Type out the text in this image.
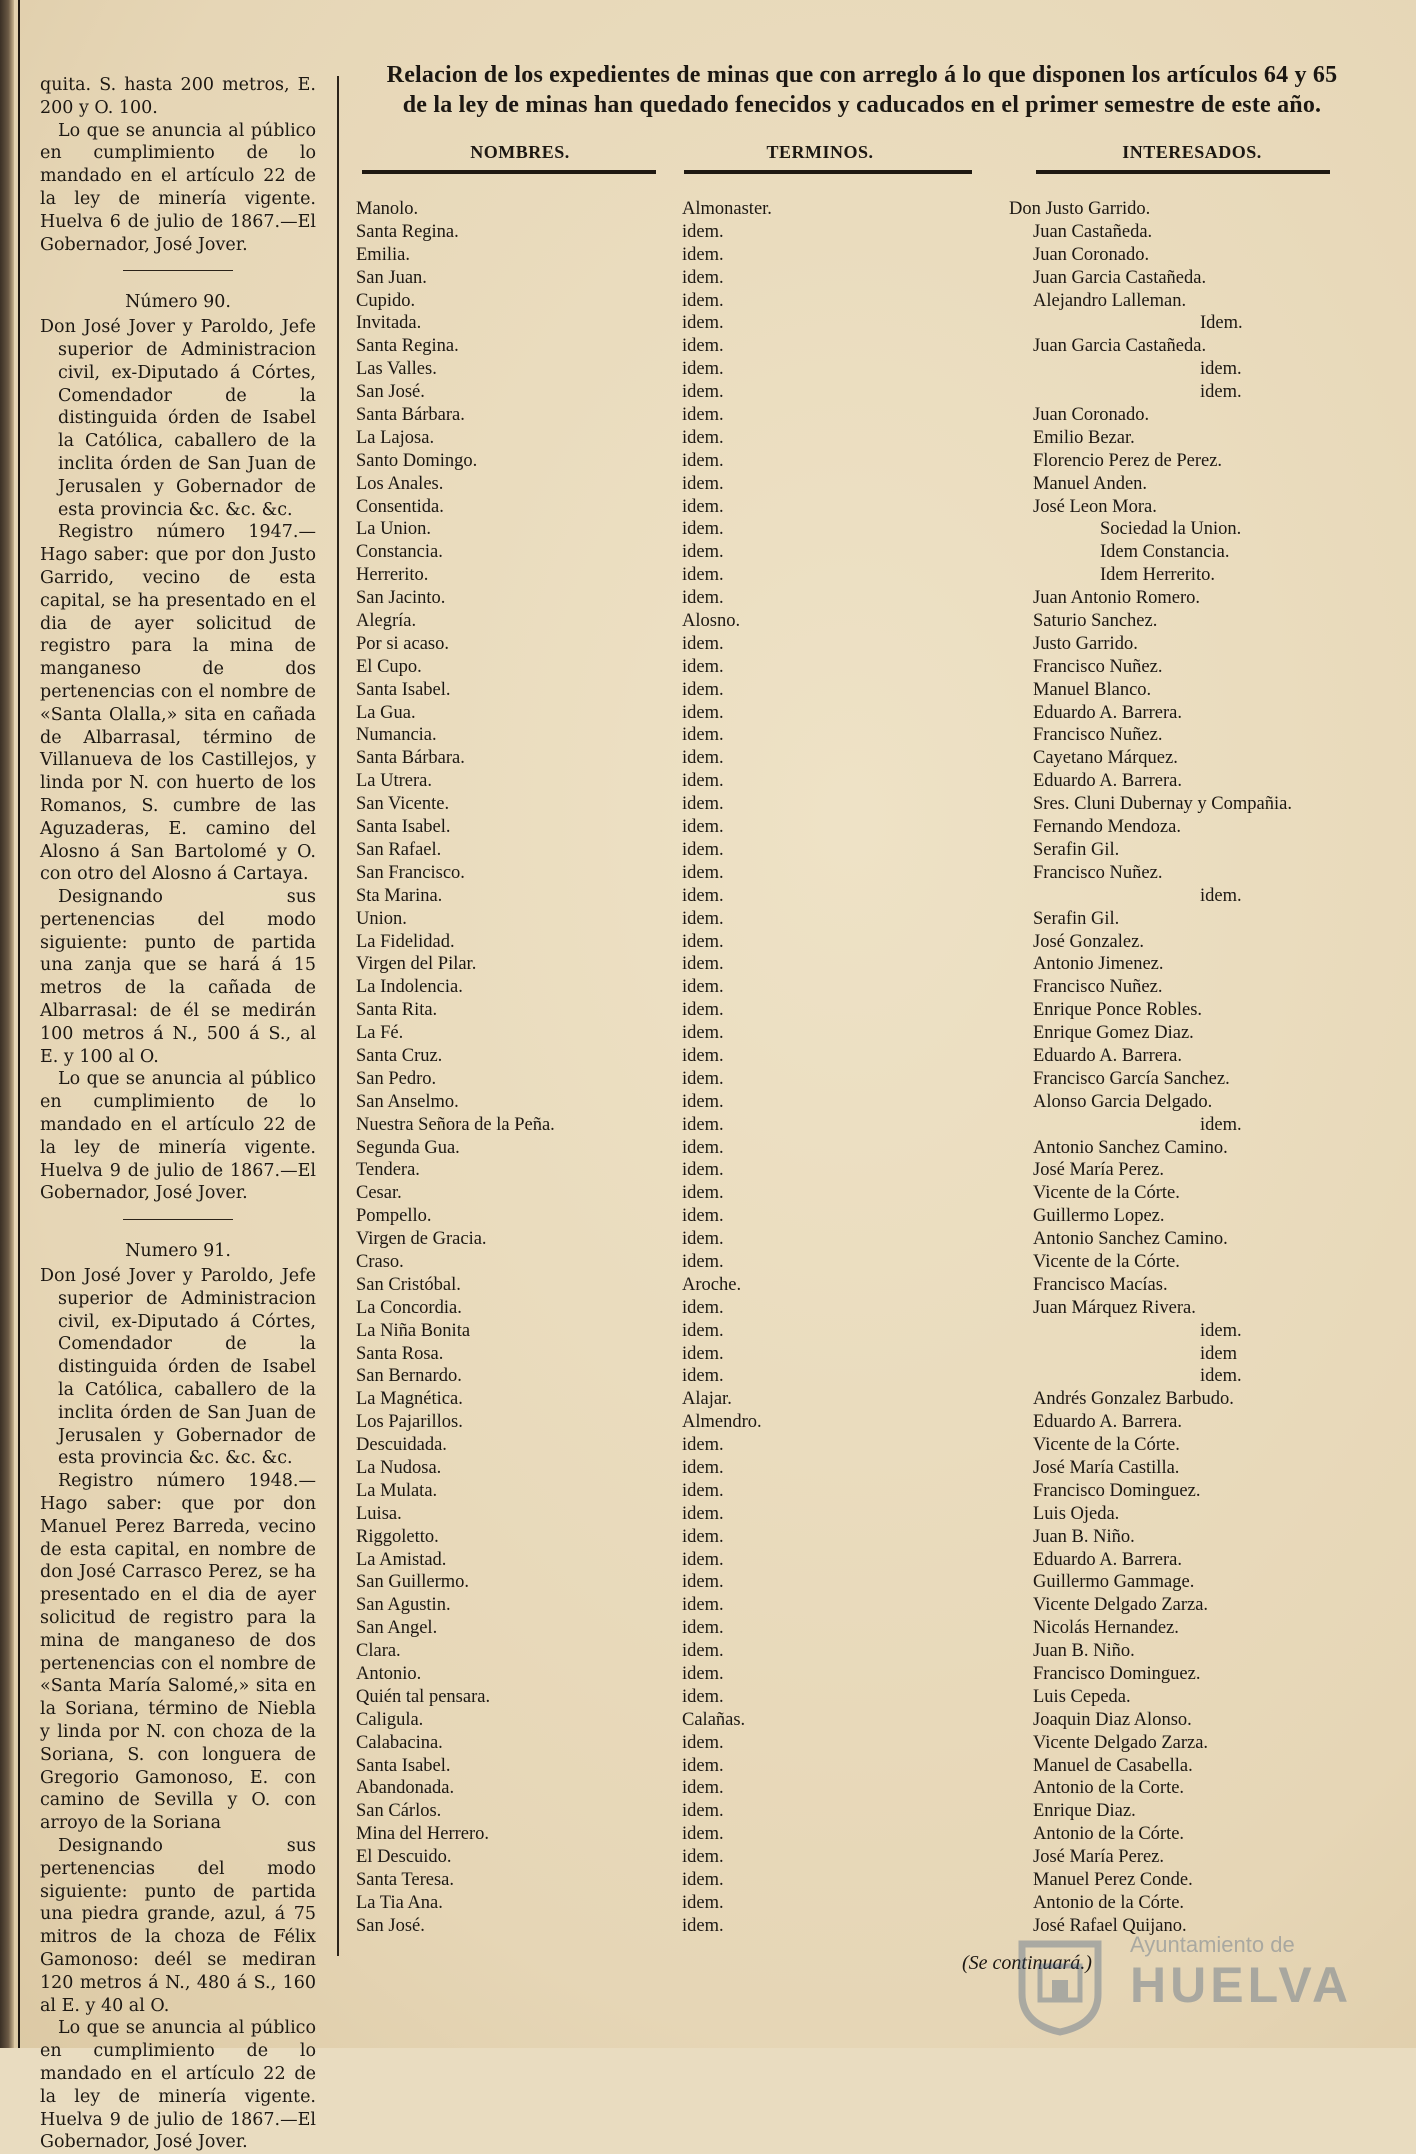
quita. S. hasta 200 metros, E. 200 y O. 100.

Lo que se anuncia al público en cumplimiento de lo mandado en el artículo 22 de la ley de minería vigente. Huelva 6 de julio de 1867.—El Gobernador, José Jover.

Número 90.

Don José Jover y Paroldo, Jefe superior de Administracion civil, ex-Diputado á Córtes, Comendador de la distinguida órden de Isabel la Católica, caballero de la inclita órden de San Juan de Jerusalen y Gobernador de esta provincia &c. &c. &c.

Registro número 1947.—Hago saber: que por don Justo Garrido, vecino de esta capital, se ha presentado en el dia de ayer solicitud de registro para la mina de manganeso de dos pertenencias con el nombre de «Santa Olalla,» sita en cañada de Albarrasal, término de Villanueva de los Castillejos, y linda por N. con huerto de los Romanos, S. cumbre de las Aguzaderas, E. camino del Alosno á San Bartolomé y O. con otro del Alosno á Cartaya.

Designando sus pertenencias del modo siguiente: punto de partida una zanja que se hará á 15 metros de la cañada de Albarrasal: de él se medirán 100 metros á N., 500 á S., al E. y 100 al O.

Lo que se anuncia al público en cumplimiento de lo mandado en el artículo 22 de la ley de minería vigente. Huelva 9 de julio de 1867.—El Gobernador, José Jover.

Numero 91.

Don José Jover y Paroldo, Jefe superior de Administracion civil, ex-Diputado á Córtes, Comendador de la distinguida órden de Isabel la Católica, caballero de la inclita órden de San Juan de Jerusalen y Gobernador de esta provincia &c. &c. &c.

Registro número 1948.—Hago saber: que por don Manuel Perez Barreda, vecino de esta capital, en nombre de don José Carrasco Perez, se ha presentado en el dia de ayer solicitud de registro para la mina de manganeso de dos pertenencias con el nombre de «Santa María Salomé,» sita en la Soriana, término de Niebla y linda por N. con choza de la Soriana, S. con longuera de Gregorio Gamonoso, E. con camino de Sevilla y O. con arroyo de la Soriana

Designando sus pertenencias del modo siguiente: punto de partida una piedra grande, azul, á 75 mitros de la choza de Félix Gamonoso: deél se mediran 120 metros á N., 480 á S., 160 al E. y 40 al O.

Lo que se anuncia al público en cumplimiento de lo mandado en el artículo 22 de la ley de minería vigente. Huelva 9 de julio de 1867.—El Gobernador, José Jover.

Relacion de los expedientes de minas que con arreglo á lo que disponen los artículos 64 y 65
de la ley de minas han quedado fenecidos y caducados en el primer semestre de este año.
NOMBRES.	TERMINOS.	INTERESADOS.
Manolo.	Almonaster.	Don Justo Garrido.
Santa Regina.	idem.	Juan Castañeda.
Emilia.	idem.	Juan Coronado.
San Juan.	idem.	Juan Garcia Castañeda.
Cupido.	idem.	Alejandro Lalleman.
Invitada.	idem.	Idem.
Santa Regina.	idem.	Juan Garcia Castañeda.
Las Valles.	idem.	idem.
San José.	idem.	idem.
Santa Bárbara.	idem.	Juan Coronado.
La Lajosa.	idem.	Emilio Bezar.
Santo Domingo.	idem.	Florencio Perez de Perez.
Los Anales.	idem.	Manuel Anden.
Consentida.	idem.	José Leon Mora.
La Union.	idem.	Sociedad la Union.
Constancia.	idem.	Idem Constancia.
Herrerito.	idem.	Idem Herrerito.
San Jacinto.	idem.	Juan Antonio Romero.
Alegría.	Alosno.	Saturio Sanchez.
Por si acaso.	idem.	Justo Garrido.
El Cupo.	idem.	Francisco Nuñez.
Santa Isabel.	idem.	Manuel Blanco.
La Gua.	idem.	Eduardo A. Barrera.
Numancia.	idem.	Francisco Nuñez.
Santa Bárbara.	idem.	Cayetano Márquez.
La Utrera.	idem.	Eduardo A. Barrera.
San Vicente.	idem.	Sres. Cluni Dubernay y Compañia.
Santa Isabel.	idem.	Fernando Mendoza.
San Rafael.	idem.	Serafin Gil.
San Francisco.	idem.	Francisco Nuñez.
Sta Marina.	idem.	idem.
Union.	idem.	Serafin Gil.
La Fidelidad.	idem.	José Gonzalez.
Virgen del Pilar.	idem.	Antonio Jimenez.
La Indolencia.	idem.	Francisco Nuñez.
Santa Rita.	idem.	Enrique Ponce Robles.
La Fé.	idem.	Enrique Gomez Diaz.
Santa Cruz.	idem.	Eduardo A. Barrera.
San Pedro.	idem.	Francisco García Sanchez.
San Anselmo.	idem.	Alonso Garcia Delgado.
Nuestra Señora de la Peña.	idem.	idem.
Segunda Gua.	idem.	Antonio Sanchez Camino.
Tendera.	idem.	José María Perez.
Cesar.	idem.	Vicente de la Córte.
Pompello.	idem.	Guillermo Lopez.
Virgen de Gracia.	idem.	Antonio Sanchez Camino.
Craso.	idem.	Vicente de la Córte.
San Cristóbal.	Aroche.	Francisco Macías.
La Concordia.	idem.	Juan Márquez Rivera.
La Niña Bonita	idem.	idem.
Santa Rosa.	idem.	idem
San Bernardo.	idem.	idem.
La Magnética.	Alajar.	Andrés Gonzalez Barbudo.
Los Pajarillos.	Almendro.	Eduardo A. Barrera.
Descuidada.	idem.	Vicente de la Córte.
La Nudosa.	idem.	José María Castilla.
La Mulata.	idem.	Francisco Dominguez.
Luisa.	idem.	Luis Ojeda.
Riggoletto.	idem.	Juan B. Niño.
La Amistad.	idem.	Eduardo A. Barrera.
San Guillermo.	idem.	Guillermo Gammage.
San Agustin.	idem.	Vicente Delgado Zarza.
San Angel.	idem.	Nicolás Hernandez.
Clara.	idem.	Juan B. Niño.
Antonio.	idem.	Francisco Dominguez.
Quién tal pensara.	idem.	Luis Cepeda.
Caligula.	Calañas.	Joaquin Diaz Alonso.
Calabacina.	idem.	Vicente Delgado Zarza.
Santa Isabel.	idem.	Manuel de Casabella.
Abandonada.	idem.	Antonio de la Corte.
San Cárlos.	idem.	Enrique Diaz.
Mina del Herrero.	idem.	Antonio de la Córte.
El Descuido.	idem.	José María Perez.
Santa Teresa.	idem.	Manuel Perez Conde.
La Tia Ana.	idem.	Antonio de la Córte.
San José.	idem.	José Rafael Quijano.
(Se continuará.)
Ayuntamiento de
HUELVA
